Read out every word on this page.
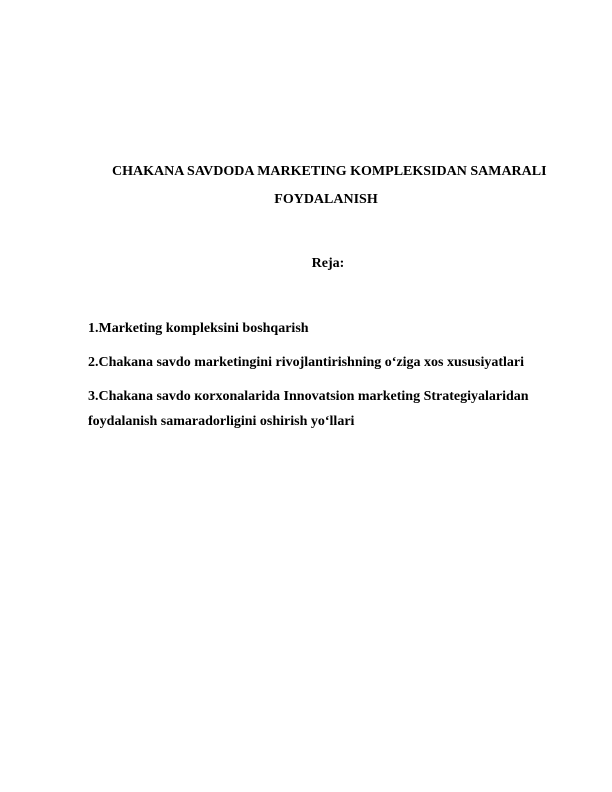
CHAKANA SAVDODA MARKETING KOMPLEKSIDAN SAMARALI
FOYDALANISH
Reja:
1.Marketing kompleksini boshqarish
2.Chakana savdo marketingini rivojlantirishning o‘ziga xos xususiyatlari
3.Chakana savdo кorxonalarida Innovatsion marketing Strategiyalaridan
foydalanish samaradorligini oshirish yo‘llari
